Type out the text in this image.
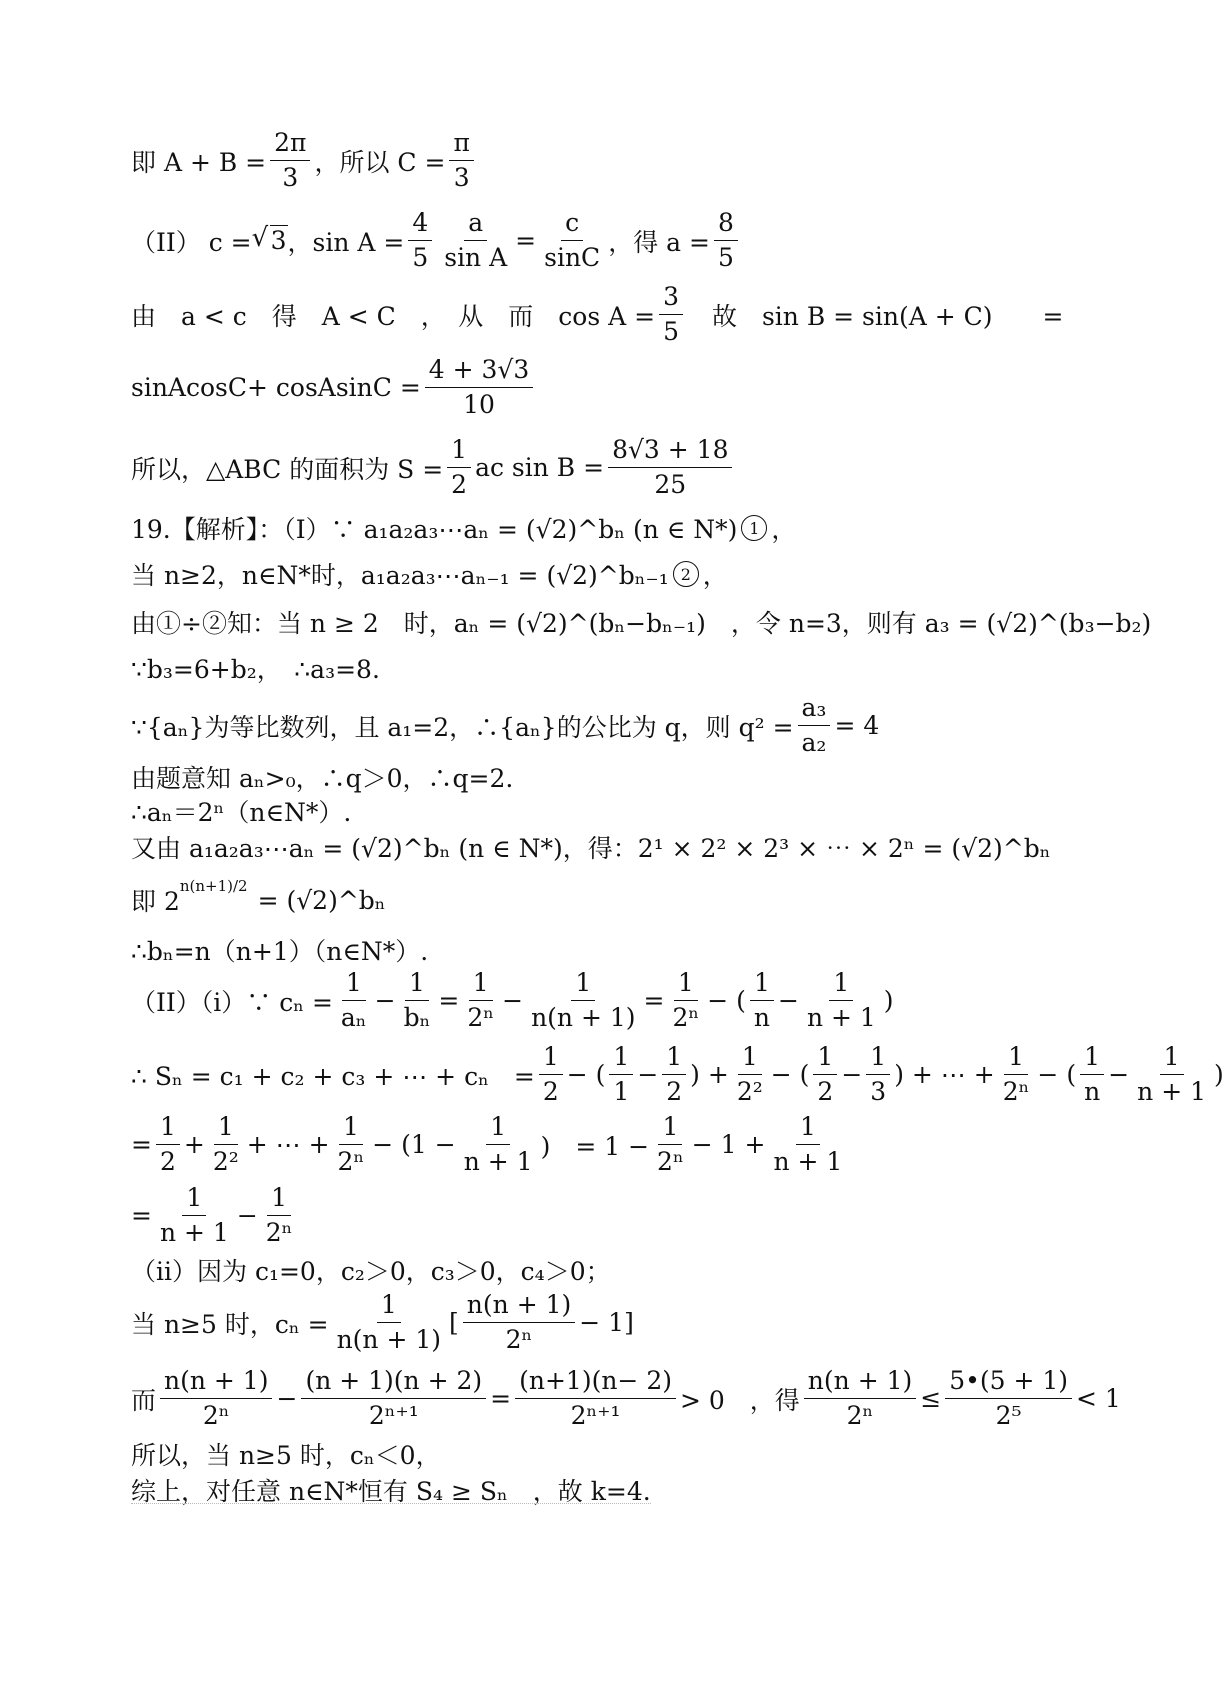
即 $A + B = \frac{2\pi}{3}$ ，所以 $C = \frac{\pi}{3}$
（II） c =
√ 3 ，$\sin A = \frac{4}{5} \frac{a}{\text{sin A}} = \frac{c}{\sin C}$ ，得 $a = \frac{8}{5}$
由　a < c　得　A < C　，　从　而　$\cos A = \frac{3}{5}$ 　故　sin B = sin(A + C)　　=
sinAcosC+ cosAsinC = $\frac{4 + 3√3}{10}$
所以，△ABC 的面积为 $S = \frac{1}{2}$ ac $\sin B = \frac{8√3 + 18}{25}$
19.【解析】：（I）∵ a₁a₂a₃⋯aₙ = (√2)^bₙ (n ∈ N*) 1 ，
当 n≥2，n∈N*时，a₁a₂a₃⋯aₙ₋₁ = (√2)^bₙ₋₁ 2 ，
由①÷②知：当 n ≥ 2　时，aₙ = (√2)^(bₙ−bₙ₋₁)　，令 n=3，则有 a₃ = (√2)^(b₃−b₂)
∵b₃=6+b₂，　∴a₃=8.
∵{aₙ}为等比数列，且 a₁=2，∴{aₙ}的公比为 q，则 $q^2 = \frac{\text{a₃}}{\text{a₂}} = 4$
由题意知 aₙ>₀，∴q＞0，∴q=2.
∴aₙ＝2ⁿ（n∈N*）.
又由 a₁a₂a₃⋯aₙ = (√2)^bₙ (n ∈ N*)，得：2¹ × 2² × 2³ × ⋯ × 2ⁿ = (√2)^bₙ
即 2
$^{n(n+1)/2}$ = (√2)^bₙ
∴bₙ=n（n+1）（n∈N*）.
（II）（i）∵ $c_n = \frac{1}{\text{aₙ}} - \frac{1}{\text{bₙ}} = \frac{1}{\text{2ⁿ}} - \frac{1}{n(n + 1)} = \frac{1}{\text{2ⁿ}}$ − ( $\frac{1}{n} - \frac{1}{n + 1}$ )
∴ Sₙ = c₁ + c₂ + c₃ + ⋯ + cₙ　= $\frac{1}{2}$ − ( $\frac{1}{1} - \frac{1}{2}$ ) + $\frac{1}{\text{2²}}$ − ( $\frac{1}{2} - \frac{1}{3}$ ) + ⋯ + $\frac{1}{\text{2ⁿ}}$ − ( $\frac{1}{n} - \frac{1}{n + 1}$ )
= $\frac{1}{2} + \frac{1}{\text{2²}}$ + ⋯ + $\frac{1}{\text{2ⁿ}} - (1 - \frac{1}{n + 1}$ )　= $1 - \frac{1}{\text{2ⁿ}} - 1 + \frac{1}{n + 1}$
= $\frac{1}{n + 1} - \frac{1}{\text{2ⁿ}}$
（ii）因为 c₁=0，c₂＞0，c₃＞0，c₄＞0；
当 n≥5 时，$c_n = \frac{1}{n(n + 1)}$ [ $\frac{n(n + 1)}{\text{2ⁿ}} - 1$]
而 $\frac{n(n + 1)}{\text{2ⁿ}} - \frac{(n + 1)(n + 2)}{\text{2ⁿ⁺¹}} = \frac{(n+1)(n- 2)}{\text{2ⁿ⁺¹}} > 0$　，得 $\frac{n(n + 1)}{\text{2ⁿ}} \le \frac{5•(5 + 1)}{\text{2⁵}} < 1$
所以，当 n≥5 时，cₙ＜0，
综上，对任意 n∈N*恒有 S₄ ≥ Sₙ　，故 k=4.
